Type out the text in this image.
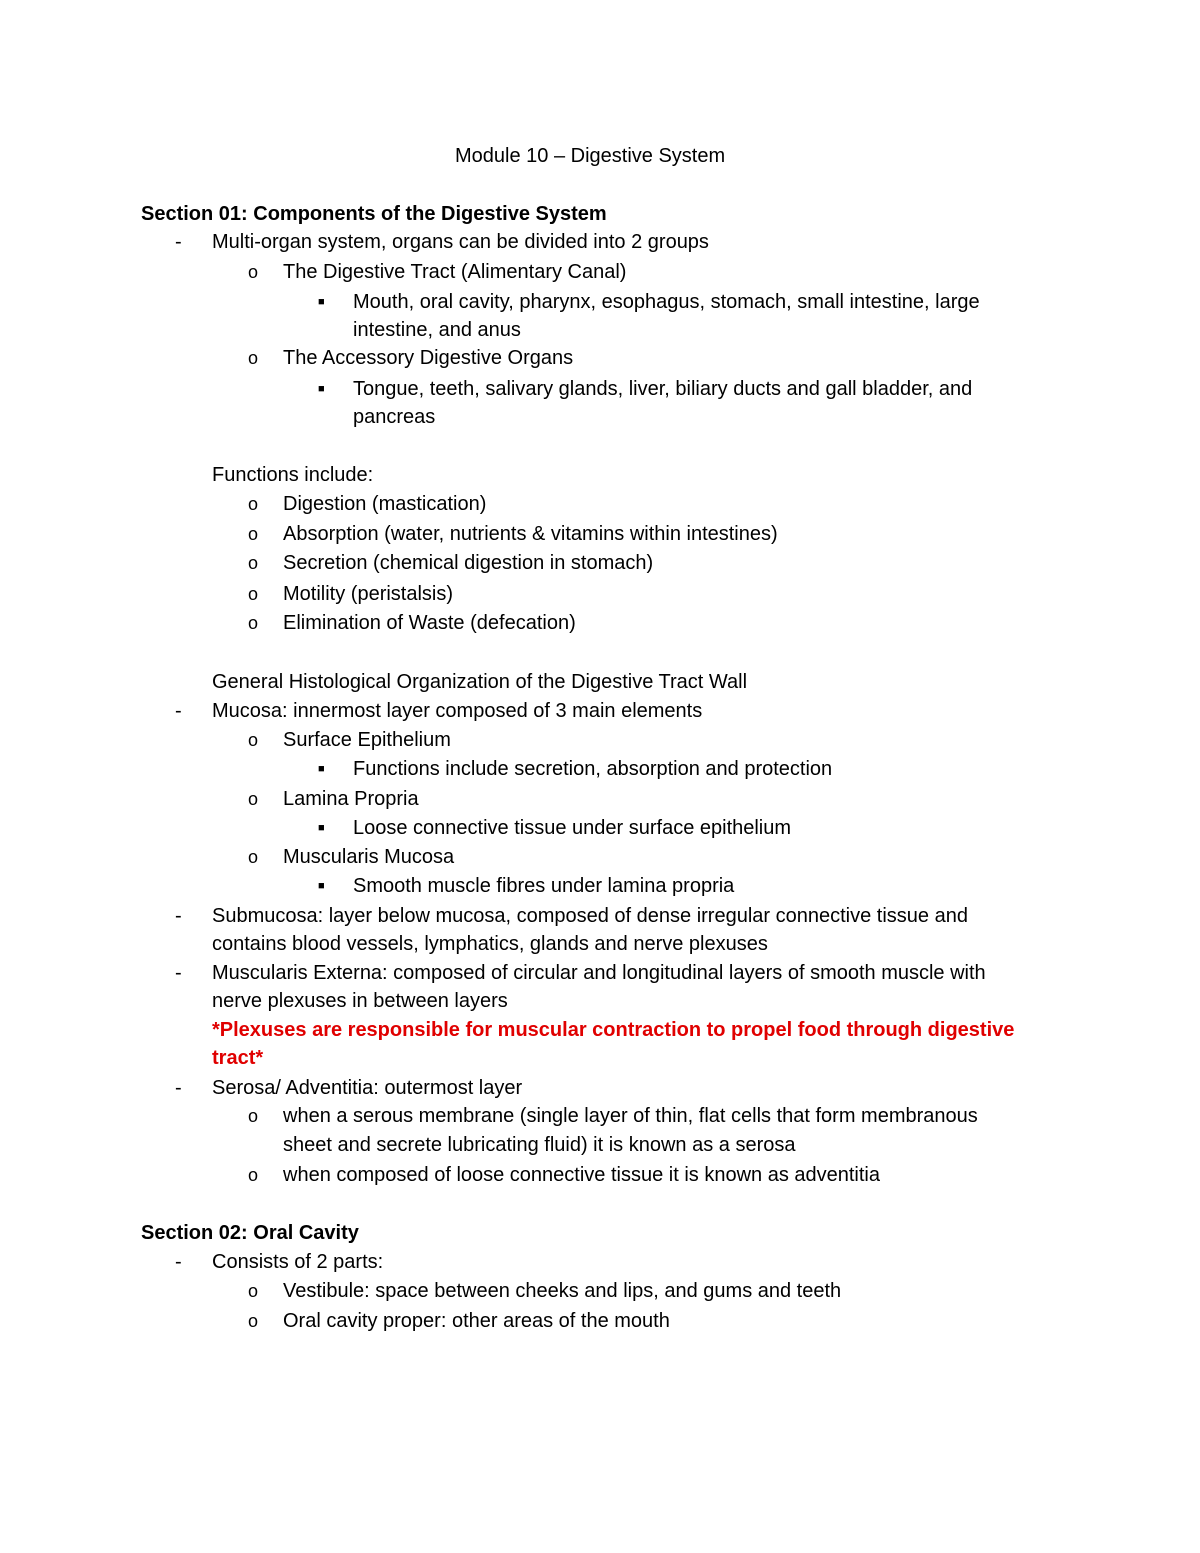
Module 10 – Digestive System
Section 01: Components of the Digestive System
- Multi-organ system, organs can be divided into 2 groups
o The Digestive Tract (Alimentary Canal)
■ Mouth, oral cavity, pharynx, esophagus, stomach, small intestine, large
intestine, and anus
o The Accessory Digestive Organs
■ Tongue, teeth, salivary glands, liver, biliary ducts and gall bladder, and
pancreas
Functions include:
o Digestion (mastication)
o Absorption (water, nutrients & vitamins within intestines)
o Secretion (chemical digestion in stomach)
o Motility (peristalsis)
o Elimination of Waste (defecation)
General Histological Organization of the Digestive Tract Wall
- Mucosa: innermost layer composed of 3 main elements
o Surface Epithelium
■ Functions include secretion, absorption and protection
o Lamina Propria
■ Loose connective tissue under surface epithelium
o Muscularis Mucosa
■ Smooth muscle fibres under lamina propria
- Submucosa: layer below mucosa, composed of dense irregular connective tissue and
contains blood vessels, lymphatics, glands and nerve plexuses
- Muscularis Externa: composed of circular and longitudinal layers of smooth muscle with
nerve plexuses in between layers
*Plexuses are responsible for muscular contraction to propel food through digestive
tract*
- Serosa/ Adventitia: outermost layer
o when a serous membrane (single layer of thin, flat cells that form membranous
sheet and secrete lubricating fluid) it is known as a serosa
o when composed of loose connective tissue it is known as adventitia
Section 02: Oral Cavity
- Consists of 2 parts:
o Vestibule: space between cheeks and lips, and gums and teeth
o Oral cavity proper: other areas of the mouth
